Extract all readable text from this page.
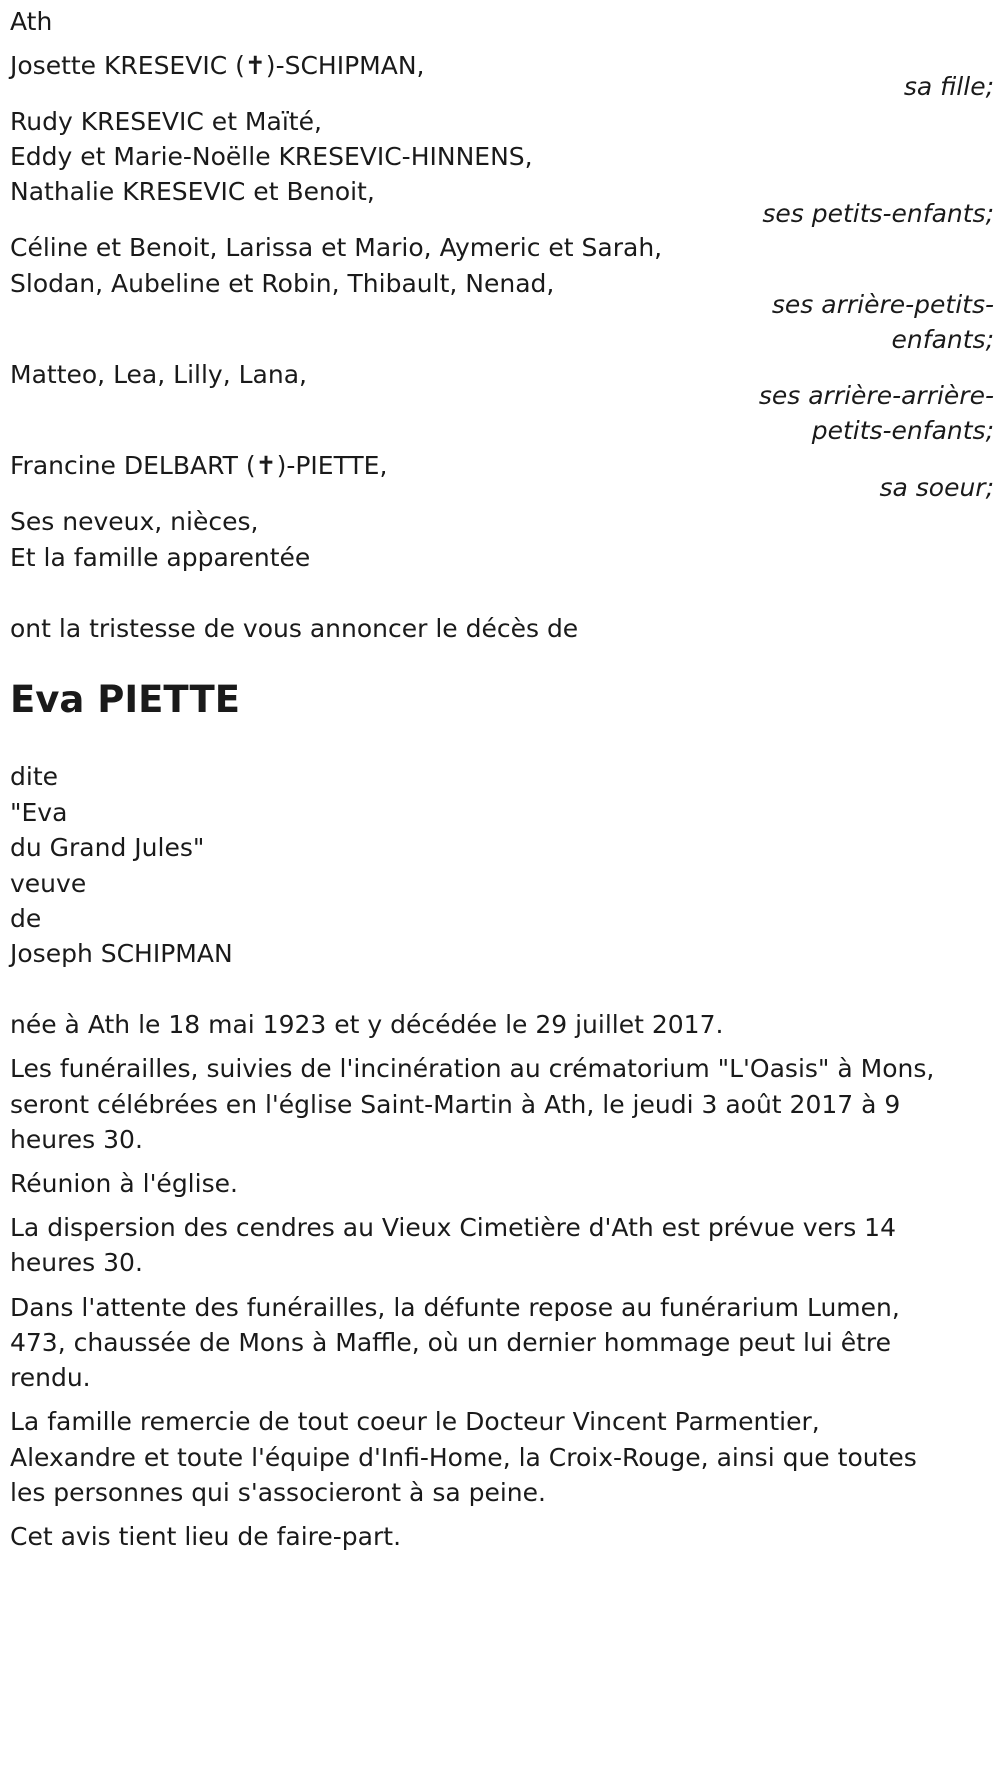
Ath

Josette KRESEVIC (✝)-SCHIPMAN,

sa fille;

Rudy KRESEVIC et Maïté,

Eddy et Marie-Noëlle KRESEVIC-HINNENS,

Nathalie KRESEVIC et Benoit,

ses petits-enfants;

Céline et Benoit, Larissa et Mario, Aymeric et Sarah,

Slodan, Aubeline et Robin, Thibault, Nenad,

ses arrière-petits-

enfants;

Matteo, Lea, Lilly, Lana,

ses arrière-arrière-

petits-enfants;

Francine DELBART (✝)-PIETTE,

sa soeur;

Ses neveux, nièces,

Et la famille apparentée

ont la tristesse de vous annoncer le décès de

Eva PIETTE

dite

"Eva

du Grand Jules"

veuve

de

Joseph SCHIPMAN

née à Ath le 18 mai 1923 et y décédée le 29 juillet 2017.

Les funérailles, suivies de l'incinération au crématorium "L'Oasis" à Mons,

seront célébrées en l'église Saint-Martin à Ath, le jeudi 3 août 2017 à 9

heures 30.

Réunion à l'église.

La dispersion des cendres au Vieux Cimetière d'Ath est prévue vers 14

heures 30.

Dans l'attente des funérailles, la défunte repose au funérarium Lumen,

473, chaussée de Mons à Maffle, où un dernier hommage peut lui être

rendu.

La famille remercie de tout coeur le Docteur Vincent Parmentier,

Alexandre et toute l'équipe d'Infi-Home, la Croix-Rouge, ainsi que toutes

les personnes qui s'associeront à sa peine.

Cet avis tient lieu de faire-part.
